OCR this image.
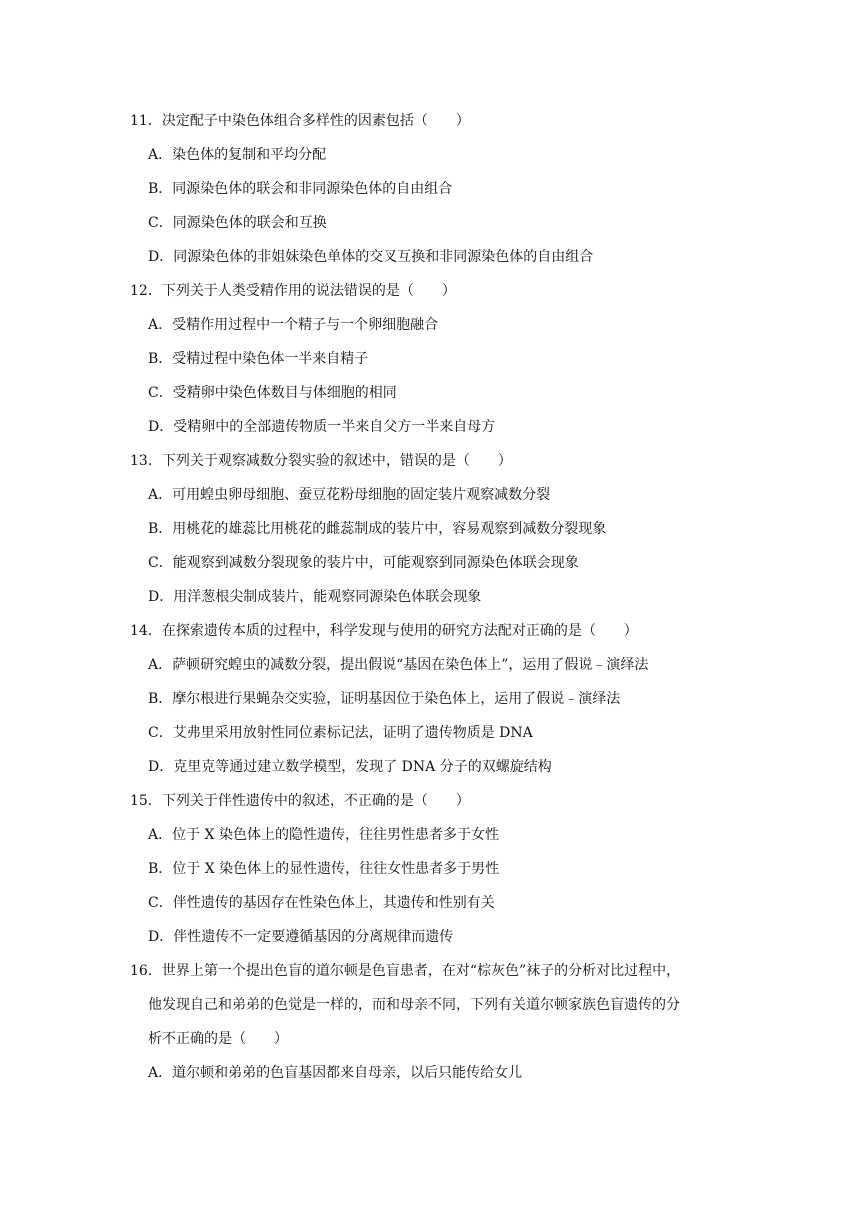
11．决定配子中染色体组合多样性的因素包括（　　）
A．染色体的复制和平均分配
B．同源染色体的联会和非同源染色体的自由组合
C．同源染色体的联会和互换
D．同源染色体的非姐妹染色单体的交叉互换和非同源染色体的自由组合
12．下列关于人类受精作用的说法错误的是（　　）
A．受精作用过程中一个精子与一个卵细胞融合
B．受精过程中染色体一半来自精子
C．受精卵中染色体数目与体细胞的相同
D．受精卵中的全部遗传物质一半来自父方一半来自母方
13．下列关于观察减数分裂实验的叙述中，错误的是（　　）
A．可用蝗虫卵母细胞、蚕豆花粉母细胞的固定装片观察减数分裂
B．用桃花的雄蕊比用桃花的雌蕊制成的装片中，容易观察到减数分裂现象
C．能观察到减数分裂现象的装片中，可能观察到同源染色体联会现象
D．用洋葱根尖制成装片，能观察同源染色体联会现象
14．在探索遗传本质的过程中，科学发现与使用的研究方法配对正确的是（　　）
A．萨顿研究蝗虫的减数分裂，提出假说“基因在染色体上”，运用了假说﹣演绎法
B．摩尔根进行果蝇杂交实验，证明基因位于染色体上，运用了假说﹣演绎法
C．艾弗里采用放射性同位素标记法，证明了遗传物质是 DNA
D．克里克等通过建立数学模型，发现了 DNA 分子的双螺旋结构
15．下列关于伴性遗传中的叙述，不正确的是（　　）
A．位于 X 染色体上的隐性遗传，往往男性患者多于女性
B．位于 X 染色体上的显性遗传，往往女性患者多于男性
C．伴性遗传的基因存在性染色体上，其遗传和性别有关
D．伴性遗传不一定要遵循基因的分离规律而遗传
16．世界上第一个提出色盲的道尔顿是色盲患者，在对“棕灰色”袜子的分析对比过程中，
他发现自己和弟弟的色觉是一样的，而和母亲不同，下列有关道尔顿家族色盲遗传的分
析不正确的是（　　）
A．道尔顿和弟弟的色盲基因都来自母亲，以后只能传给女儿
